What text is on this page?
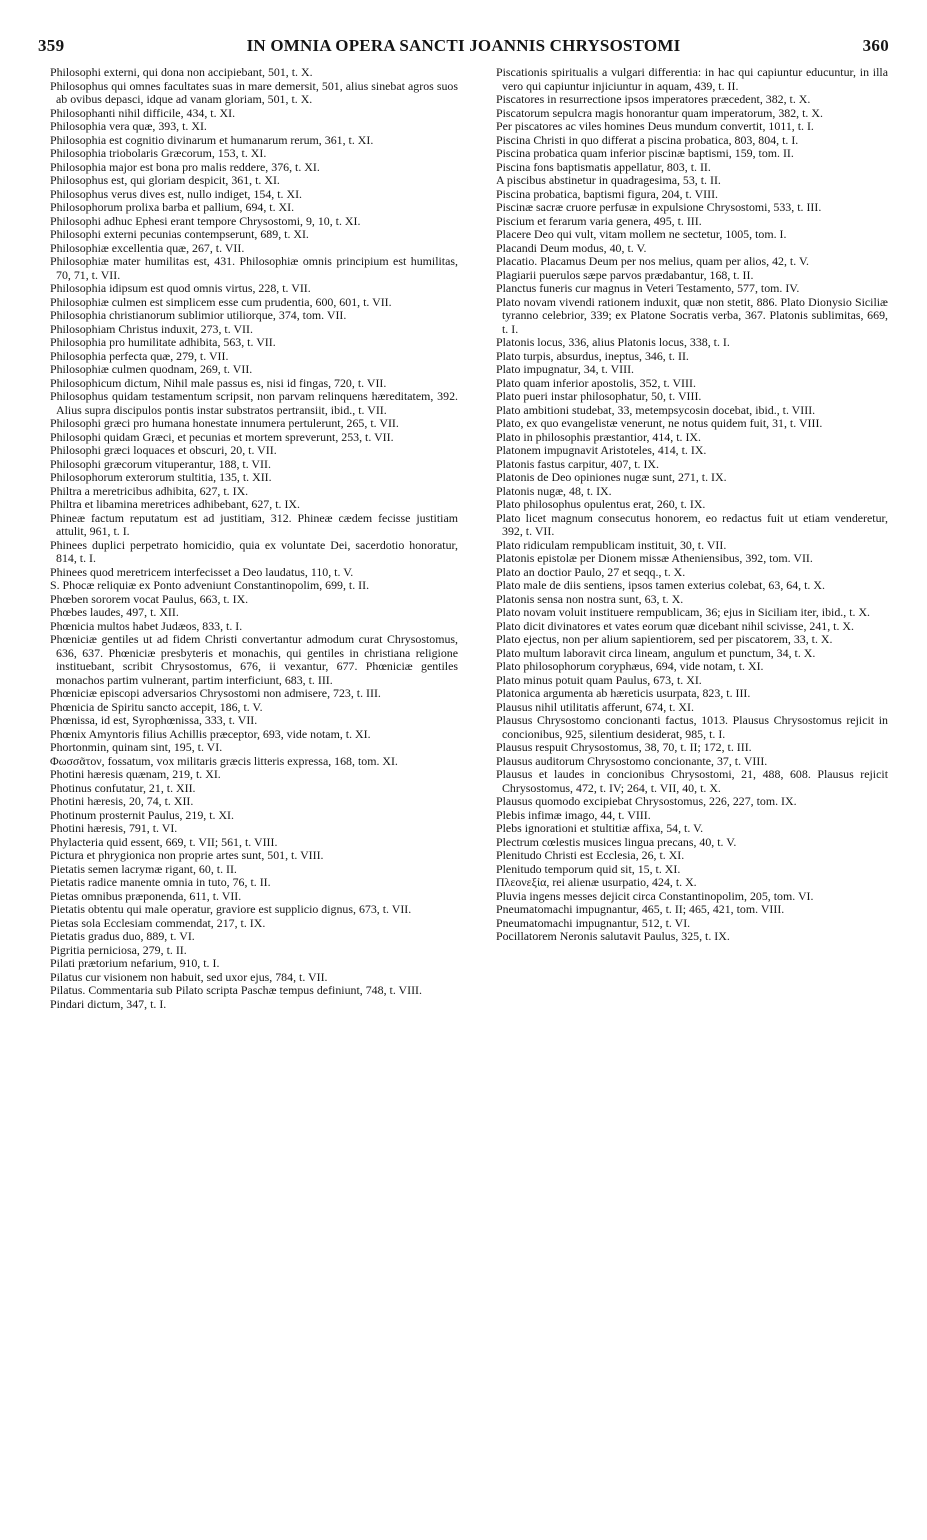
359	IN OMNIA OPERA SANCTI JOANNIS CHRYSOSTOMI	360

Philosophi externi, qui dona non accipiebant, 501, t. X.

Philosophus qui omnes facultates suas in mare demersit, 501, alius sinebat agros suos ab ovibus depasci, idque ad vanam gloriam, 501, t. X.

Philosophanti nihil difficile, 434, t. XI.

Philosophia vera quæ, 393, t. XI.

Philosophia est cognitio divinarum et humanarum rerum, 361, t. XI.

Philosophia triobolaris Græcorum, 153, t. XI.

Philosophia major est bona pro malis reddere, 376, t. XI.

Philosophus est, qui gloriam despicit, 361, t. XI.

Philosophus verus dives est, nullo indiget, 154, t. XI.

Philosophorum prolixa barba et pallium, 694, t. XI.

Philosophi adhuc Ephesi erant tempore Chrysostomi, 9, 10, t. XI.

Philosophi externi pecunias contempserunt, 689, t. XI.

Philosophiæ excellentia quæ, 267, t. VII.

Philosophiæ mater humilitas est, 431. Philosophiæ omnis principium est humilitas, 70, 71, t. VII.

Philosophia idipsum est quod omnis virtus, 228, t. VII.

Philosophiæ culmen est simplicem esse cum prudentia, 600, 601, t. VII.

Philosophia christianorum sublimior utiliorque, 374, tom. VII.

Philosophiam Christus induxit, 273, t. VII.

Philosophia pro humilitate adhibita, 563, t. VII.

Philosophia perfecta quæ, 279, t. VII.

Philosophiæ culmen quodnam, 269, t. VII.

Philosophicum dictum, Nihil male passus es, nisi id fingas, 720, t. VII.

Philosophus quidam testamentum scripsit, non parvam relinquens hæreditatem, 392. Alius supra discipulos pontis instar substratos pertransiit, ibid., t. VII.

Philosophi græci pro humana honestate innumera pertulerunt, 265, t. VII.

Philosophi quidam Græci, et pecunias et mortem spreverunt, 253, t. VII.

Philosophi græci loquaces et obscuri, 20, t. VII.

Philosophi græcorum vituperantur, 188, t. VII.

Philosophorum exterorum stultitia, 135, t. XII.

Philtra a meretricibus adhibita, 627, t. IX.

Philtra et libamina meretrices adhibebant, 627, t. IX.

Phineæ factum reputatum est ad justitiam, 312. Phineæ cædem fecisse justitiam attulit, 961, t. I.

Phinees duplici perpetrato homicidio, quia ex voluntate Dei, sacerdotio honoratur, 814, t. I.

Phinees quod meretricem interfecisset a Deo laudatus, 110, t. V.

S. Phocæ reliquiæ ex Ponto adveniunt Constantinopolim, 699, t. II.

Phœben sororem vocat Paulus, 663, t. IX.

Phœbes laudes, 497, t. XII.

Phœnicia multos habet Judæos, 833, t. I.

Phœniciæ gentiles ut ad fidem Christi convertantur admodum curat Chrysostomus, 636, 637. Phœniciæ presbyteris et monachis, qui gentiles in christiana religione instituebant, scribit Chrysostomus, 676, ii vexantur, 677. Phœniciæ gentiles monachos partim vulnerant, partim interficiunt, 683, t. III.

Phœniciæ episcopi adversarios Chrysostomi non admisere, 723, t. III.

Phœnicia de Spiritu sancto accepit, 186, t. V.

Phœnissa, id est, Syrophœnissa, 333, t. VII.

Phœnix Amyntoris filius Achillis præceptor, 693, vide notam, t. XI.

Phortonmin, quinam sint, 195, t. VI.

Φωσσᾶτον, fossatum, vox militaris græcis litteris expressa, 168, tom. XI.

Photini hæresis quænam, 219, t. XI.

Photinus confutatur, 21, t. XII.

Photini hæresis, 20, 74, t. XII.

Photinum prosternit Paulus, 219, t. XI.

Photini hæresis, 791, t. VI.

Phylacteria quid essent, 669, t. VII; 561, t. VIII.

Pictura et phrygionica non proprie artes sunt, 501, t. VIII.

Pietatis semen lacrymæ rigant, 60, t. II.

Pietatis radice manente omnia in tuto, 76, t. II.

Pietas omnibus præponenda, 611, t. VII.

Pietatis obtentu qui male operatur, graviore est supplicio dignus, 673, t. VII.

Pietas sola Ecclesiam commendat, 217, t. IX.

Pietatis gradus duo, 889, t. VI.

Pigritia perniciosa, 279, t. II.

Pilati prætorium nefarium, 910, t. I.

Pilatus cur visionem non habuit, sed uxor ejus, 784, t. VII.

Pilatus. Commentaria sub Pilato scripta Paschæ tempus definiunt, 748, t. VIII.

Pindari dictum, 347, t. I.

Piscationis spiritualis a vulgari differentia: in hac qui capiuntur educuntur, in illa vero qui capiuntur injiciuntur in aquam, 439, t. II.

Piscatores in resurrectione ipsos imperatores præcedent, 382, t. X.

Piscatorum sepulcra magis honorantur quam imperatorum, 382, t. X.

Per piscatores ac viles homines Deus mundum convertit, 1011, t. I.

Piscina Christi in quo differat a piscina probatica, 803, 804, t. I.

Piscina probatica quam inferior piscinæ baptismi, 159, tom. II.

Piscina fons baptismatis appellatur, 803, t. II.

A piscibus abstinetur in quadragesima, 53, t. II.

Piscina probatica, baptismi figura, 204, t. VIII.

Piscinæ sacræ cruore perfusæ in expulsione Chrysostomi, 533, t. III.

Piscium et ferarum varia genera, 495, t. III.

Placere Deo qui vult, vitam mollem ne sectetur, 1005, tom. I.

Placandi Deum modus, 40, t. V.

Placatio. Placamus Deum per nos melius, quam per alios, 42, t. V.

Plagiarii puerulos sæpe parvos prædabantur, 168, t. II.

Planctus funeris cur magnus in Veteri Testamento, 577, tom. IV.

Plato novam vivendi rationem induxit, quæ non stetit, 886. Plato Dionysio Siciliæ tyranno celebrior, 339; ex Platone Socratis verba, 367. Platonis sublimitas, 669, t. I.

Platonis locus, 336, alius Platonis locus, 338, t. I.

Plato turpis, absurdus, ineptus, 346, t. II.

Plato impugnatur, 34, t. VIII.

Plato quam inferior apostolis, 352, t. VIII.

Plato pueri instar philosophatur, 50, t. VIII.

Plato ambitioni studebat, 33, metempsycosin docebat, ibid., t. VIII.

Plato, ex quo evangelistæ venerunt, ne notus quidem fuit, 31, t. VIII.

Plato in philosophis præstantior, 414, t. IX.

Platonem impugnavit Aristoteles, 414, t. IX.

Platonis fastus carpitur, 407, t. IX.

Platonis de Deo opiniones nugæ sunt, 271, t. IX.

Platonis nugæ, 48, t. IX.

Plato philosophus opulentus erat, 260, t. IX.

Plato licet magnum consecutus honorem, eo redactus fuit ut etiam venderetur, 392, t. VII.

Plato ridiculam rempublicam instituit, 30, t. VII.

Platonis epistolæ per Dionem missæ Atheniensibus, 392, tom. VII.

Plato an doctior Paulo, 27 et seqq., t. X.

Plato male de diis sentiens, ipsos tamen exterius colebat, 63, 64, t. X.

Platonis sensa non nostra sunt, 63, t. X.

Plato novam voluit instituere rempublicam, 36; ejus in Siciliam iter, ibid., t. X.

Plato dicit divinatores et vates eorum quæ dicebant nihil scivisse, 241, t. X.

Plato ejectus, non per alium sapientiorem, sed per piscatorem, 33, t. X.

Plato multum laboravit circa lineam, angulum et punctum, 34, t. X.

Plato philosophorum coryphæus, 694, vide notam, t. XI.

Plato minus potuit quam Paulus, 673, t. XI.

Platonica argumenta ab hæreticis usurpata, 823, t. III.

Plausus nihil utilitatis afferunt, 674, t. XI.

Plausus Chrysostomo concionanti factus, 1013. Plausus Chrysostomus rejicit in concionibus, 925, silentium desiderat, 985, t. I.

Plausus respuit Chrysostomus, 38, 70, t. II; 172, t. III.

Plausus auditorum Chrysostomo concionante, 37, t. VIII.

Plausus et laudes in concionibus Chrysostomi, 21, 488, 608. Plausus rejicit Chrysostomus, 472, t. IV; 264, t. VII, 40, t. X.

Plausus quomodo excipiebat Chrysostomus, 226, 227, tom. IX.

Plebis infimæ imago, 44, t. VIII.

Plebs ignorationi et stultitiæ affixa, 54, t. V.

Plectrum cœlestis musices lingua precans, 40, t. V.

Plenitudo Christi est Ecclesia, 26, t. XI.

Plenitudo temporum quid sit, 15, t. XI.

Πλεονεξία, rei alienæ usurpatio, 424, t. X.

Pluvia ingens messes dejicit circa Constantinopolim, 205, tom. VI.

Pneumatomachi impugnantur, 465, t. II; 465, 421, tom. VIII.

Pneumatomachi impugnantur, 512, t. VI.

Pocillatorem Neronis salutavit Paulus, 325, t. IX.
